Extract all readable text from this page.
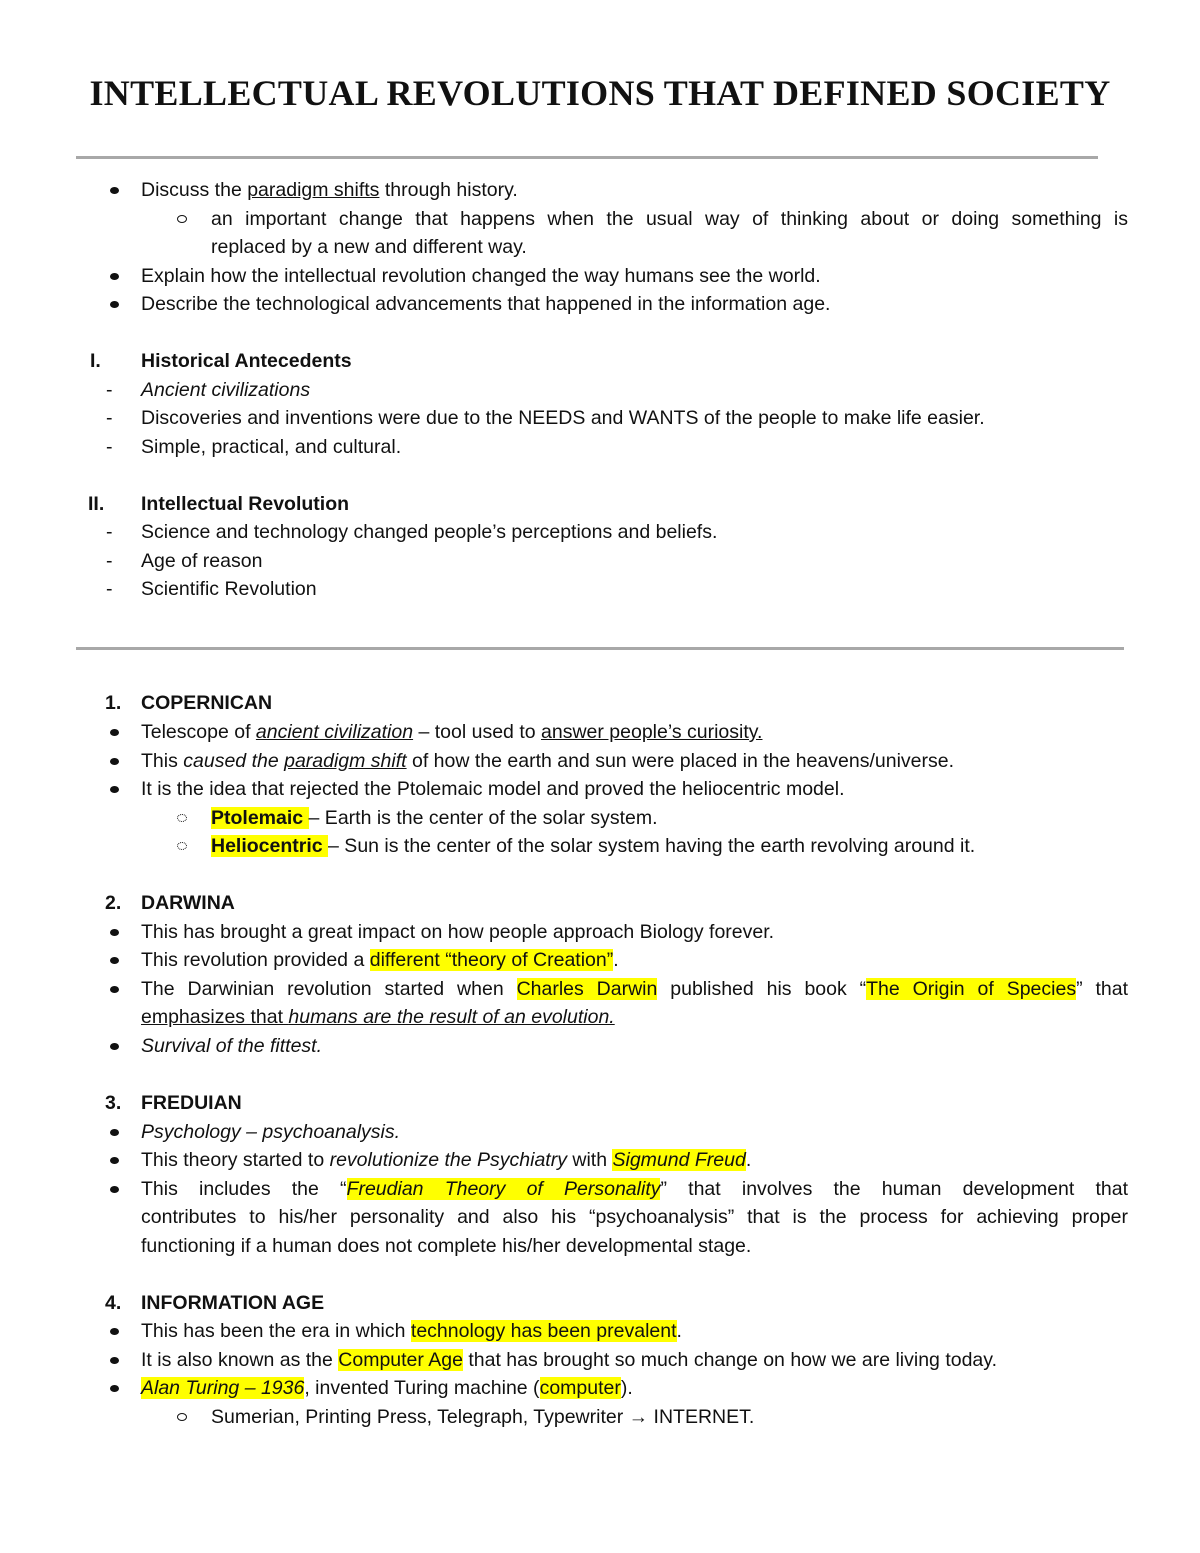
INTELLECTUAL REVOLUTIONS THAT DEFINED SOCIETY
Discuss the paradigm shifts through history.
an important change that happens when the usual way of thinking about or doing something is
replaced by a new and different way.
Explain how the intellectual revolution changed the way humans see the world.
Describe the technological advancements that happened in the information age.
I. Historical Antecedents
- Ancient civilizations
- Discoveries and inventions were due to the NEEDS and WANTS of the people to make life easier.
- Simple, practical, and cultural.
II. Intellectual Revolution
- Science and technology changed people’s perceptions and beliefs.
- Age of reason
- Scientific Revolution
1. COPERNICAN
Telescope of ancient civilization – tool used to answer people’s curiosity.
This caused the paradigm shift of how the earth and sun were placed in the heavens/universe.
It is the idea that rejected the Ptolemaic model and proved the heliocentric model.
Ptolemaic – Earth is the center of the solar system.
Heliocentric – Sun is the center of the solar system having the earth revolving around it.
2. DARWINA
This has brought a great impact on how people approach Biology forever.
This revolution provided a different “theory of Creation”.
The Darwinian revolution started when Charles Darwin published his book “The Origin of Species” that
emphasizes that humans are the result of an evolution.
Survival of the fittest.
3. FREDUIAN
Psychology – psychoanalysis.
This theory started to revolutionize the Psychiatry with Sigmund Freud.
This includes the “Freudian Theory of Personality” that involves the human development that
contributes to his/her personality and also his “psychoanalysis” that is the process for achieving proper
functioning if a human does not complete his/her developmental stage.
4. INFORMATION AGE
This has been the era in which technology has been prevalent.
It is also known as the Computer Age that has brought so much change on how we are living today.
Alan Turing – 1936, invented Turing machine (computer).
Sumerian, Printing Press, Telegraph, Typewriter → INTERNET.
